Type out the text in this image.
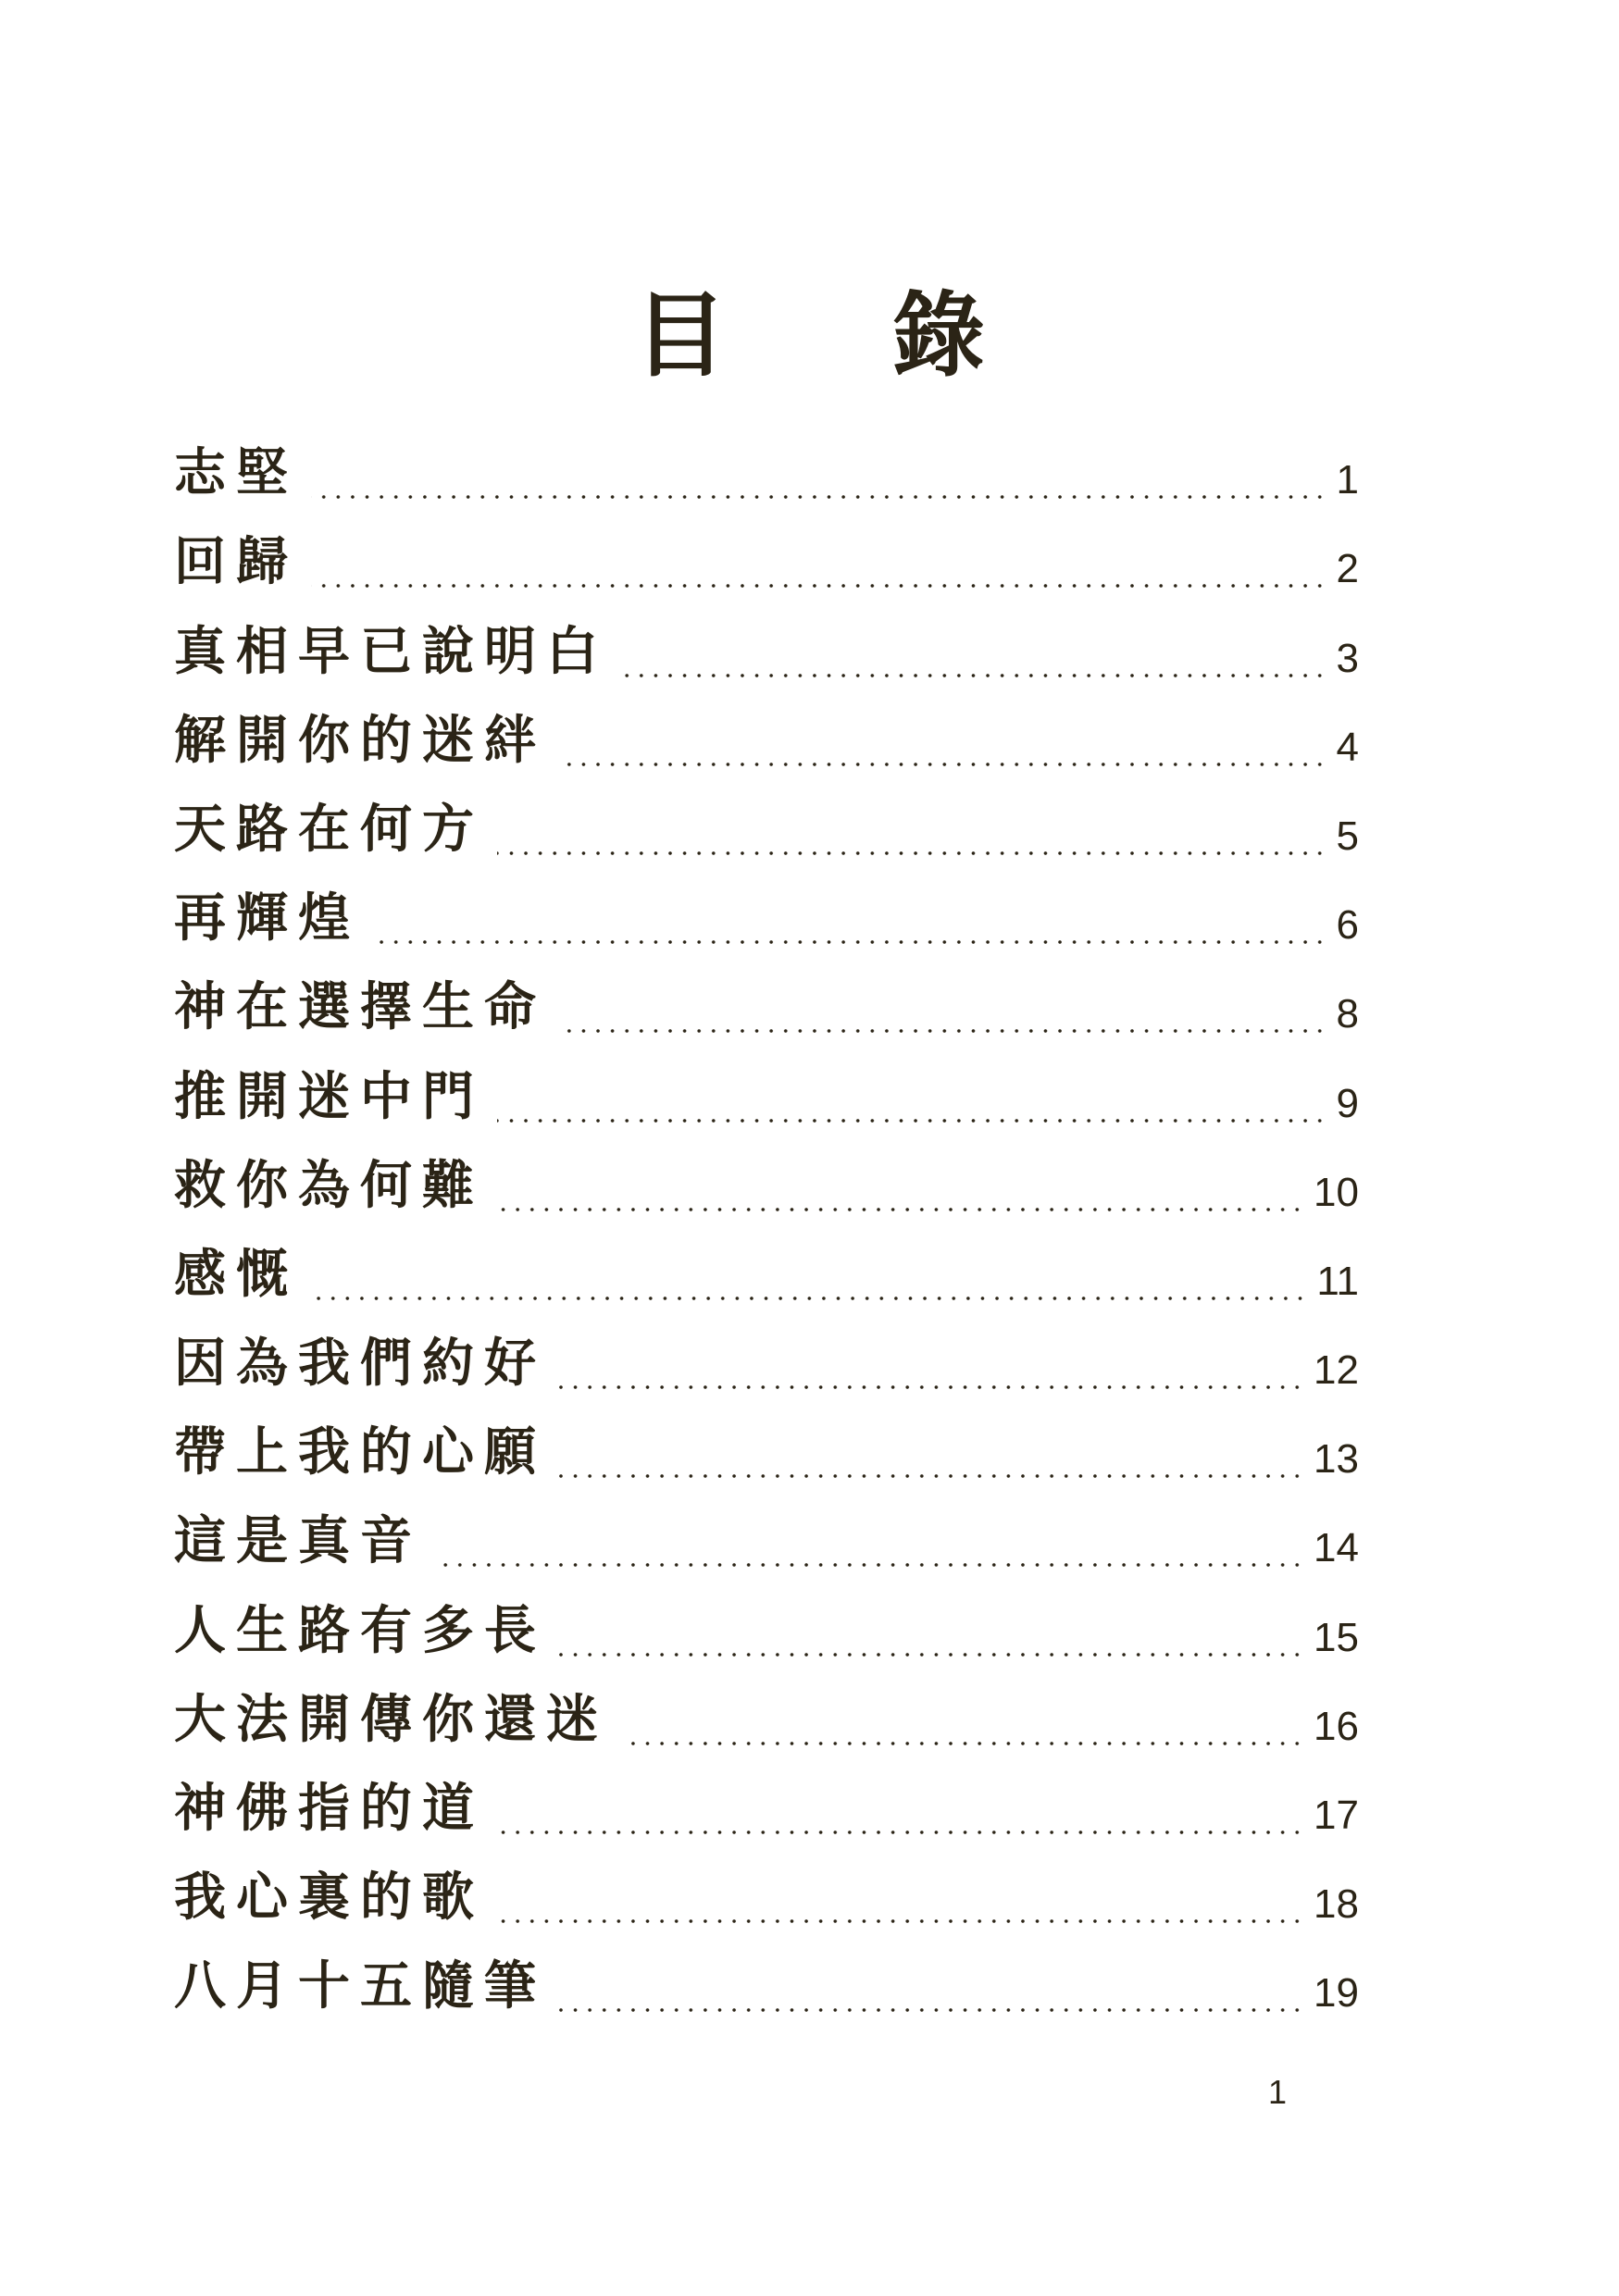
目 錄
志堅	1
回歸	2
真相早已說明白	3
解開你的迷絆	4
天路在何方	5
再輝煌	6
神在選擇生命	8
推開迷中門	9
救你為何難	10
感慨	11
因為我們約好	12
帶上我的心願	13
這是真音	14
人生路有多長	15
大法開傳你還迷	16
神佛指的道	17
我心裏的歌	18
八月十五隨筆	19
1
